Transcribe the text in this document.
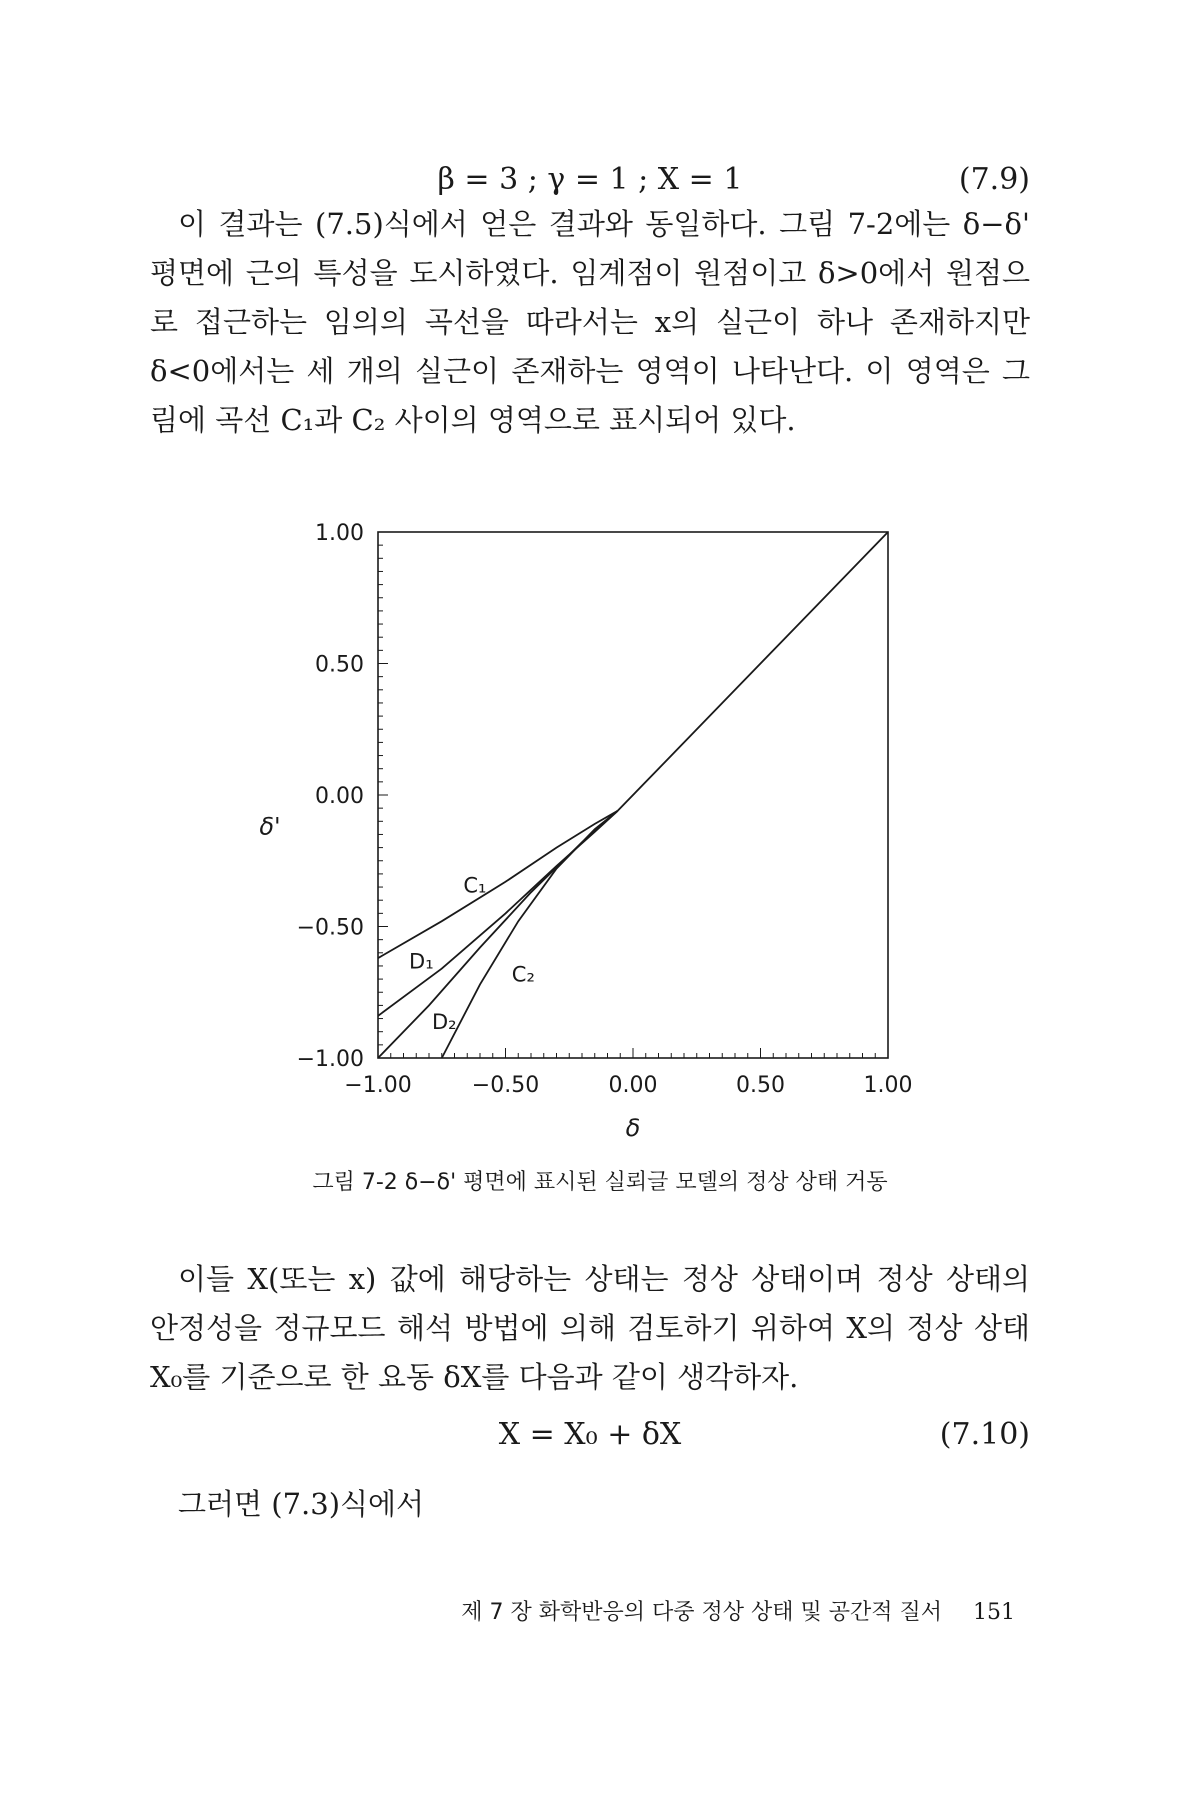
β = 3 ; γ = 1 ; X = 1	(7.9)

이 결과는 (7.5)식에서 얻은 결과와 동일하다. 그림 7-2에는 δ−δ' 평면에 근의 특성을 도시하였다. 임계점이 원점이고 δ>0에서 원점으로 접근하는 임의의 곡선을 따라서는 x의 실근이 하나 존재하지만 δ<0에서는 세 개의 실근이 존재하는 영역이 나타난다. 이 영역은 그림에 곡선 C₁과 C₂ 사이의 영역으로 표시되어 있다.

1.00
0.50
0.00
−0.50
−1.00
−1.00	−0.50	0.00	0.50	1.00
δ
δ'
C₁
D₁
D₂
C₂
그림 7-2 δ−δ' 평면에 표시된 실뢰글 모델의 정상 상태 거동

이들 X(또는 x) 값에 해당하는 상태는 정상 상태이며 정상 상태의 안정성을 정규모드 해석 방법에 의해 검토하기 위하여 X의 정상 상태 X₀를 기준으로 한 요동 δX를 다음과 같이 생각하자.

X = X₀ + δX	(7.10)

그러면 (7.3)식에서

제 7 장 화학반응의 다중 정상 상태 및 공간적 질서 151
